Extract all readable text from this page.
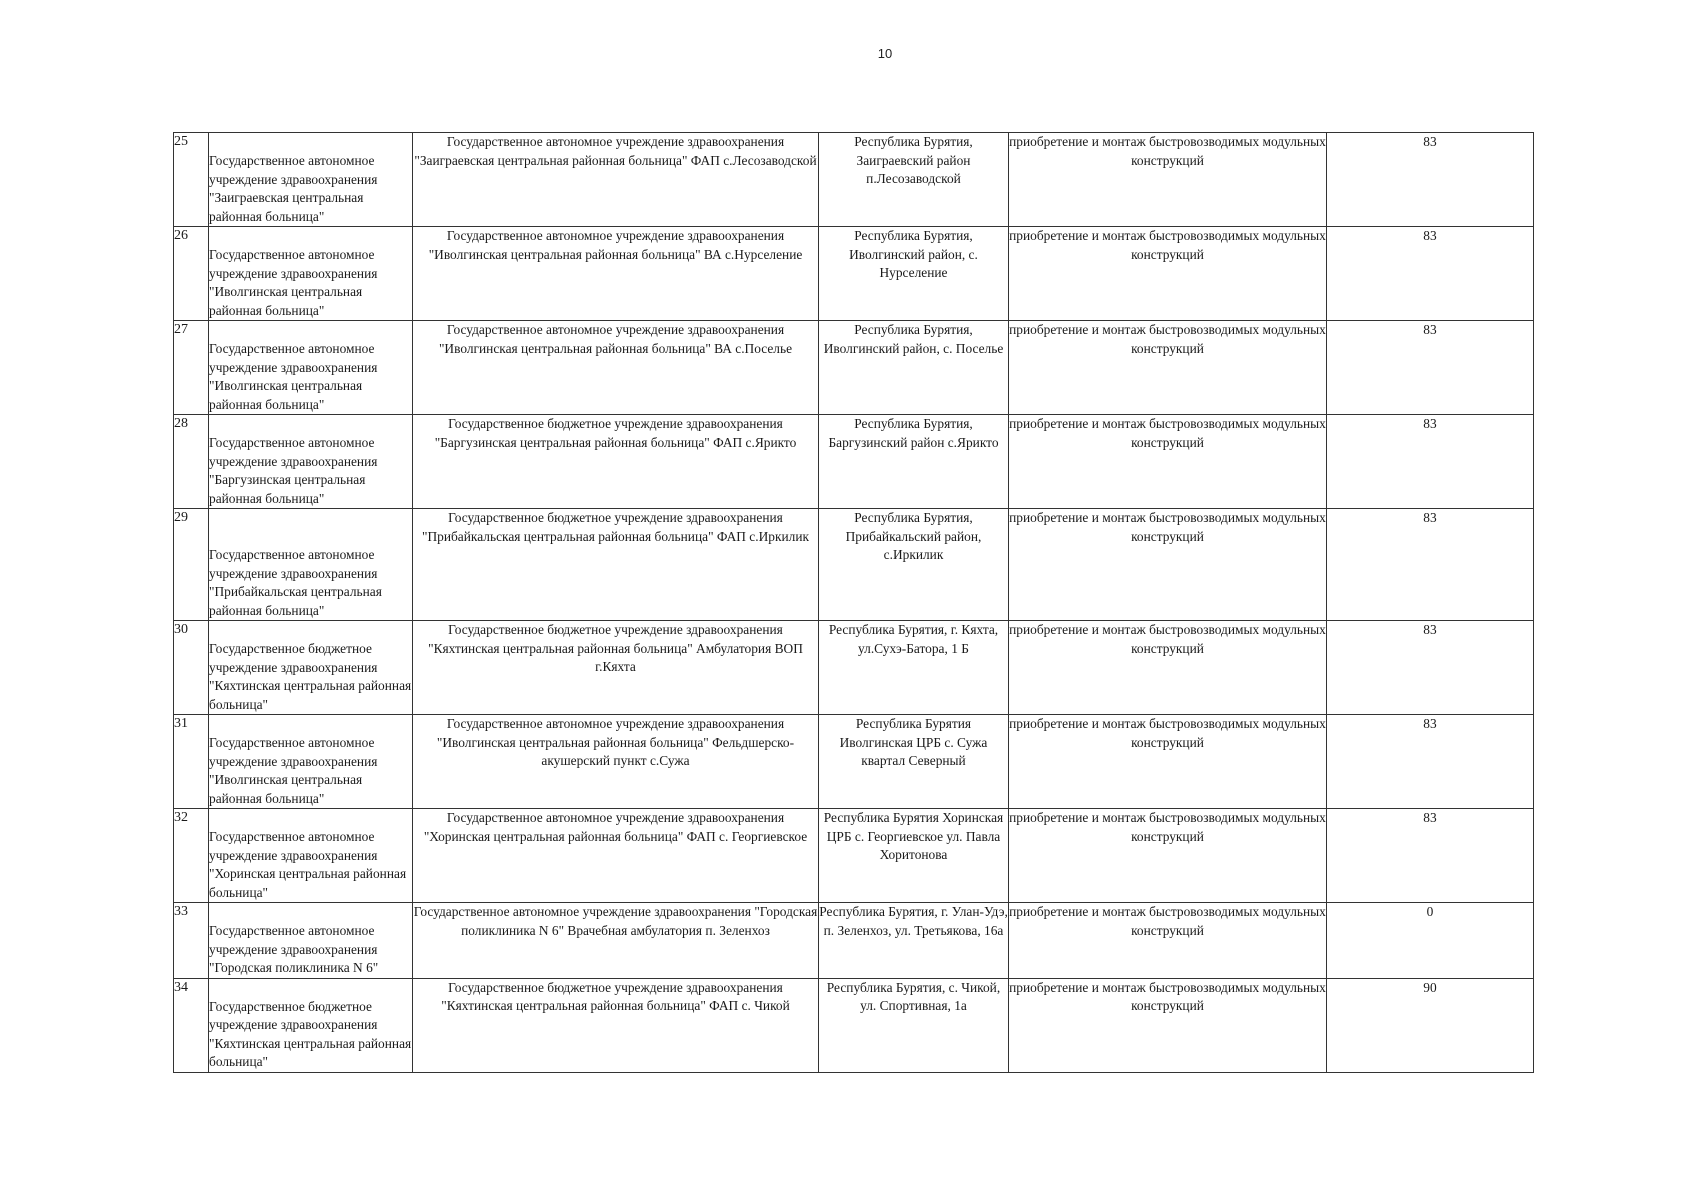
10
25	Государственное автономное учреждение здравоохранения "Заиграевская центральная районная больница"	Государственное автономное учреждение здравоохранения "Заиграевская центральная районная больница" ФАП с.Лесозаводской	Республика Бурятия, Заиграевский район п.Лесозаводской	приобретение и монтаж быстровозводимых модульных конструкций	83
26	Государственное автономное учреждение здравоохранения "Иволгинская центральная районная больница"	Государственное автономное учреждение здравоохранения "Иволгинская центральная районная больница" ВА с.Нурселение	Республика Бурятия, Иволгинский район, с. Нурселение	приобретение и монтаж быстровозводимых модульных конструкций	83
27	Государственное автономное учреждение здравоохранения "Иволгинская центральная районная больница"	Государственное автономное учреждение здравоохранения "Иволгинская центральная районная больница" ВА с.Поселье	Республика Бурятия, Иволгинский район, с. Поселье	приобретение и монтаж быстровозводимых модульных конструкций	83
28	Государственное автономное учреждение здравоохранения "Баргузинская центральная районная больница"	Государственное бюджетное учреждение здравоохранения "Баргузинская центральная районная больница" ФАП с.Ярикто	Республика Бурятия, Баргузинский район с.Ярикто	приобретение и монтаж быстровозводимых модульных конструкций	83
29	Государственное автономное учреждение здравоохранения "Прибайкальская центральная районная больница"	Государственное бюджетное учреждение здравоохранения "Прибайкальская центральная районная больница" ФАП с.Иркилик	Республика Бурятия, Прибайкальский район, с.Иркилик	приобретение и монтаж быстровозводимых модульных конструкций	83
30	Государственное бюджетное учреждение здравоохранения "Кяхтинская центральная районная больница"	Государственное бюджетное учреждение здравоохранения "Кяхтинская центральная районная больница" Амбулатория ВОП г.Кяхта	Республика Бурятия, г. Кяхта, ул.Сухэ-Батора, 1 Б	приобретение и монтаж быстровозводимых модульных конструкций	83
31	Государственное автономное учреждение здравоохранения "Иволгинская центральная районная больница"	Государственное автономное учреждение здравоохранения "Иволгинская центральная районная больница" Фельдшерско-акушерский пункт с.Сужа	Республика Бурятия Иволгинская ЦРБ с. Сужа квартал Северный	приобретение и монтаж быстровозводимых модульных конструкций	83
32	Государственное автономное учреждение здравоохранения "Хоринская центральная районная больница"	Государственное автономное учреждение здравоохранения "Хоринская центральная районная больница" ФАП с. Георгиевское	Республика Бурятия Хоринская ЦРБ с. Георгиевское ул. Павла Хоритонова	приобретение и монтаж быстровозводимых модульных конструкций	83
33	Государственное автономное учреждение здравоохранения "Городская поликлиника N 6"	Государственное автономное учреждение здравоохранения "Городская поликлиника N 6" Врачебная амбулатория п. Зеленхоз	Республика Бурятия, г. Улан-Удэ, п. Зеленхоз, ул. Третьякова, 16а	приобретение и монтаж быстровозводимых модульных конструкций	0
34	Государственное бюджетное учреждение здравоохранения "Кяхтинская центральная районная больница"	Государственное бюджетное учреждение здравоохранения "Кяхтинская центральная районная больница" ФАП с. Чикой	Республика Бурятия, с. Чикой, ул. Спортивная, 1а	приобретение и монтаж быстровозводимых модульных конструкций	90
